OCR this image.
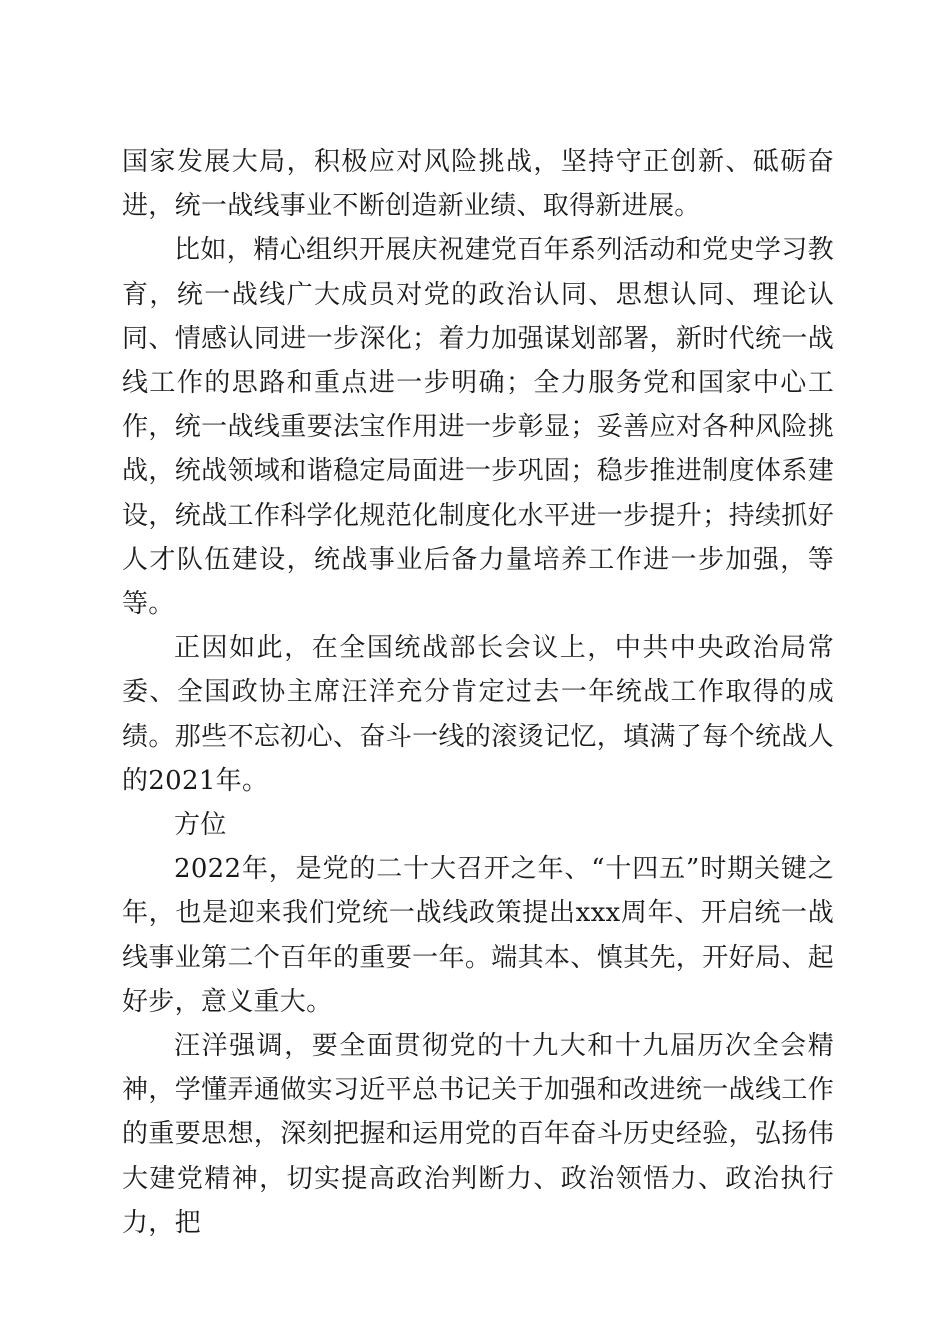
国家发展大局，积极应对风险挑战，坚持守正创新、砥砺奋进，统一战线事业不断创造新业绩、取得新进展。

比如，精心组织开展庆祝建党百年系列活动和党史学习教育，统一战线广大成员对党的政治认同、思想认同、理论认同、情感认同进一步深化；着力加强谋划部署，新时代统一战线工作的思路和重点进一步明确；全力服务党和国家中心工作，统一战线重要法宝作用进一步彰显；妥善应对各种风险挑战，统战领域和谐稳定局面进一步巩固；稳步推进制度体系建设，统战工作科学化规范化制度化水平进一步提升；持续抓好人才队伍建设，统战事业后备力量培养工作进一步加强，等等。

正因如此，在全国统战部长会议上，中共中央政治局常委、全国政协主席汪洋充分肯定过去一年统战工作取得的成绩。那些不忘初心、奋斗一线的滚烫记忆，填满了每个统战人的2021年。

方位

2022年，是党的二十大召开之年、“十四五”时期关键之年，也是迎来我们党统一战线政策提出xxx周年、开启统一战线事业第二个百年的重要一年。端其本、慎其先，开好局、起好步，意义重大。

汪洋强调，要全面贯彻党的十九大和十九届历次全会精神，学懂弄通做实习近平总书记关于加强和改进统一战线工作的重要思想，深刻把握和运用党的百年奋斗历史经验，弘扬伟大建党精神，切实提高政治判断力、政治领悟力、政治执行力，把
